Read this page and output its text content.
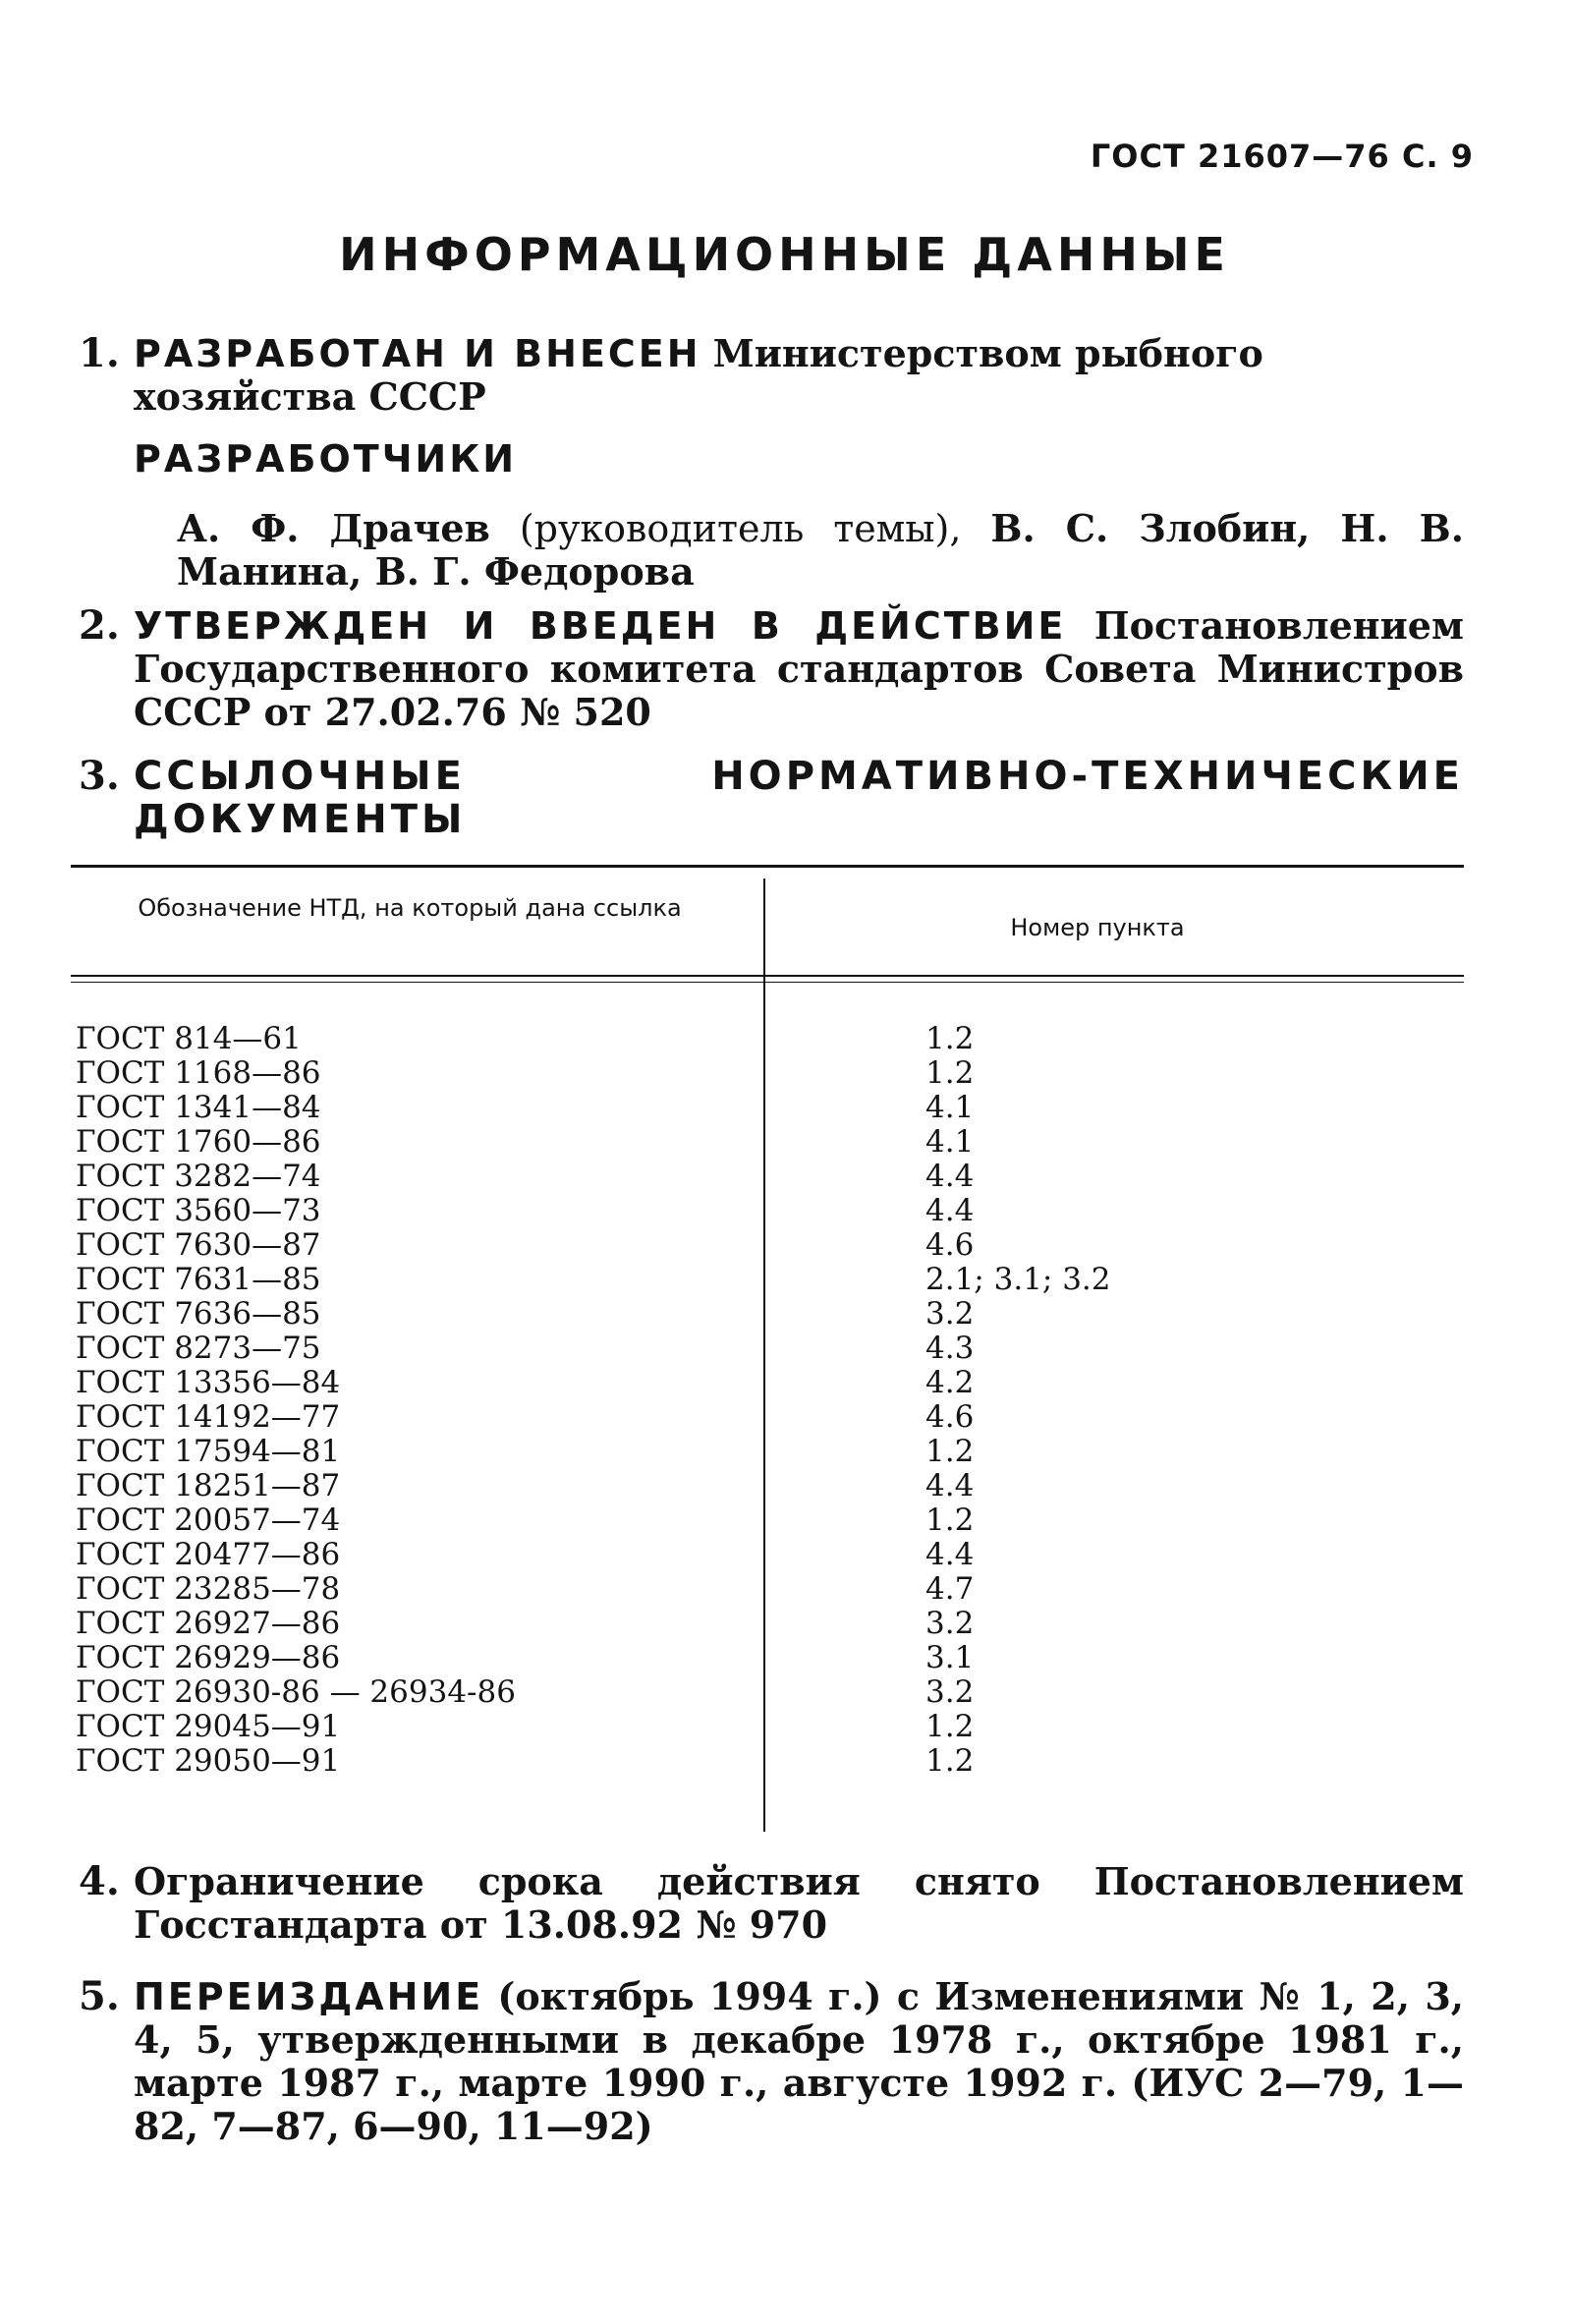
ГОСТ 21607—76 С. 9
ИНФОРМАЦИОННЫЕ ДАННЫЕ
1. РАЗРАБОТАН И ВНЕСЕН Министерством рыбного хозяйства СССР
РАЗРАБОТЧИКИ
А. Ф. Драчев (руководитель темы), В. С. Злобин, Н. В. Манина, В. Г. Федорова
2. УТВЕРЖДЕН И ВВЕДЕН В ДЕЙСТВИЕ Постановлением Государственного комитета стандартов Совета Министров СССР от 27.02.76 № 520
3. ССЫЛОЧНЫЕ НОРМАТИВНО-ТЕХНИЧЕСКИЕ ДОКУМЕНТЫ
Обозначение НТД, на который дана ссылка
Номер пункта
ГОСТ 814—61	1.2
ГОСТ 1168—86	1.2
ГОСТ 1341—84	4.1
ГОСТ 1760—86	4.1
ГОСТ 3282—74	4.4
ГОСТ 3560—73	4.4
ГОСТ 7630—87	4.6
ГОСТ 7631—85	2.1; 3.1; 3.2
ГОСТ 7636—85	3.2
ГОСТ 8273—75	4.3
ГОСТ 13356—84	4.2
ГОСТ 14192—77	4.6
ГОСТ 17594—81	1.2
ГОСТ 18251—87	4.4
ГОСТ 20057—74	1.2
ГОСТ 20477—86	4.4
ГОСТ 23285—78	4.7
ГОСТ 26927—86	3.2
ГОСТ 26929—86	3.1
ГОСТ 26930-86 — 26934-86	3.2
ГОСТ 29045—91	1.2
ГОСТ 29050—91	1.2
4. Ограничение срока действия снято Постановлением Госстандарта от 13.08.92 № 970
5. ПЕРЕИЗДАНИЕ (октябрь 1994 г.) с Изменениями № 1, 2, 3, 4, 5, утвержденными в декабре 1978 г., октябре 1981 г., марте 1987 г., марте 1990 г., августе 1992 г. (ИУС 2—79, 1—82, 7—87, 6—90, 11—92)
